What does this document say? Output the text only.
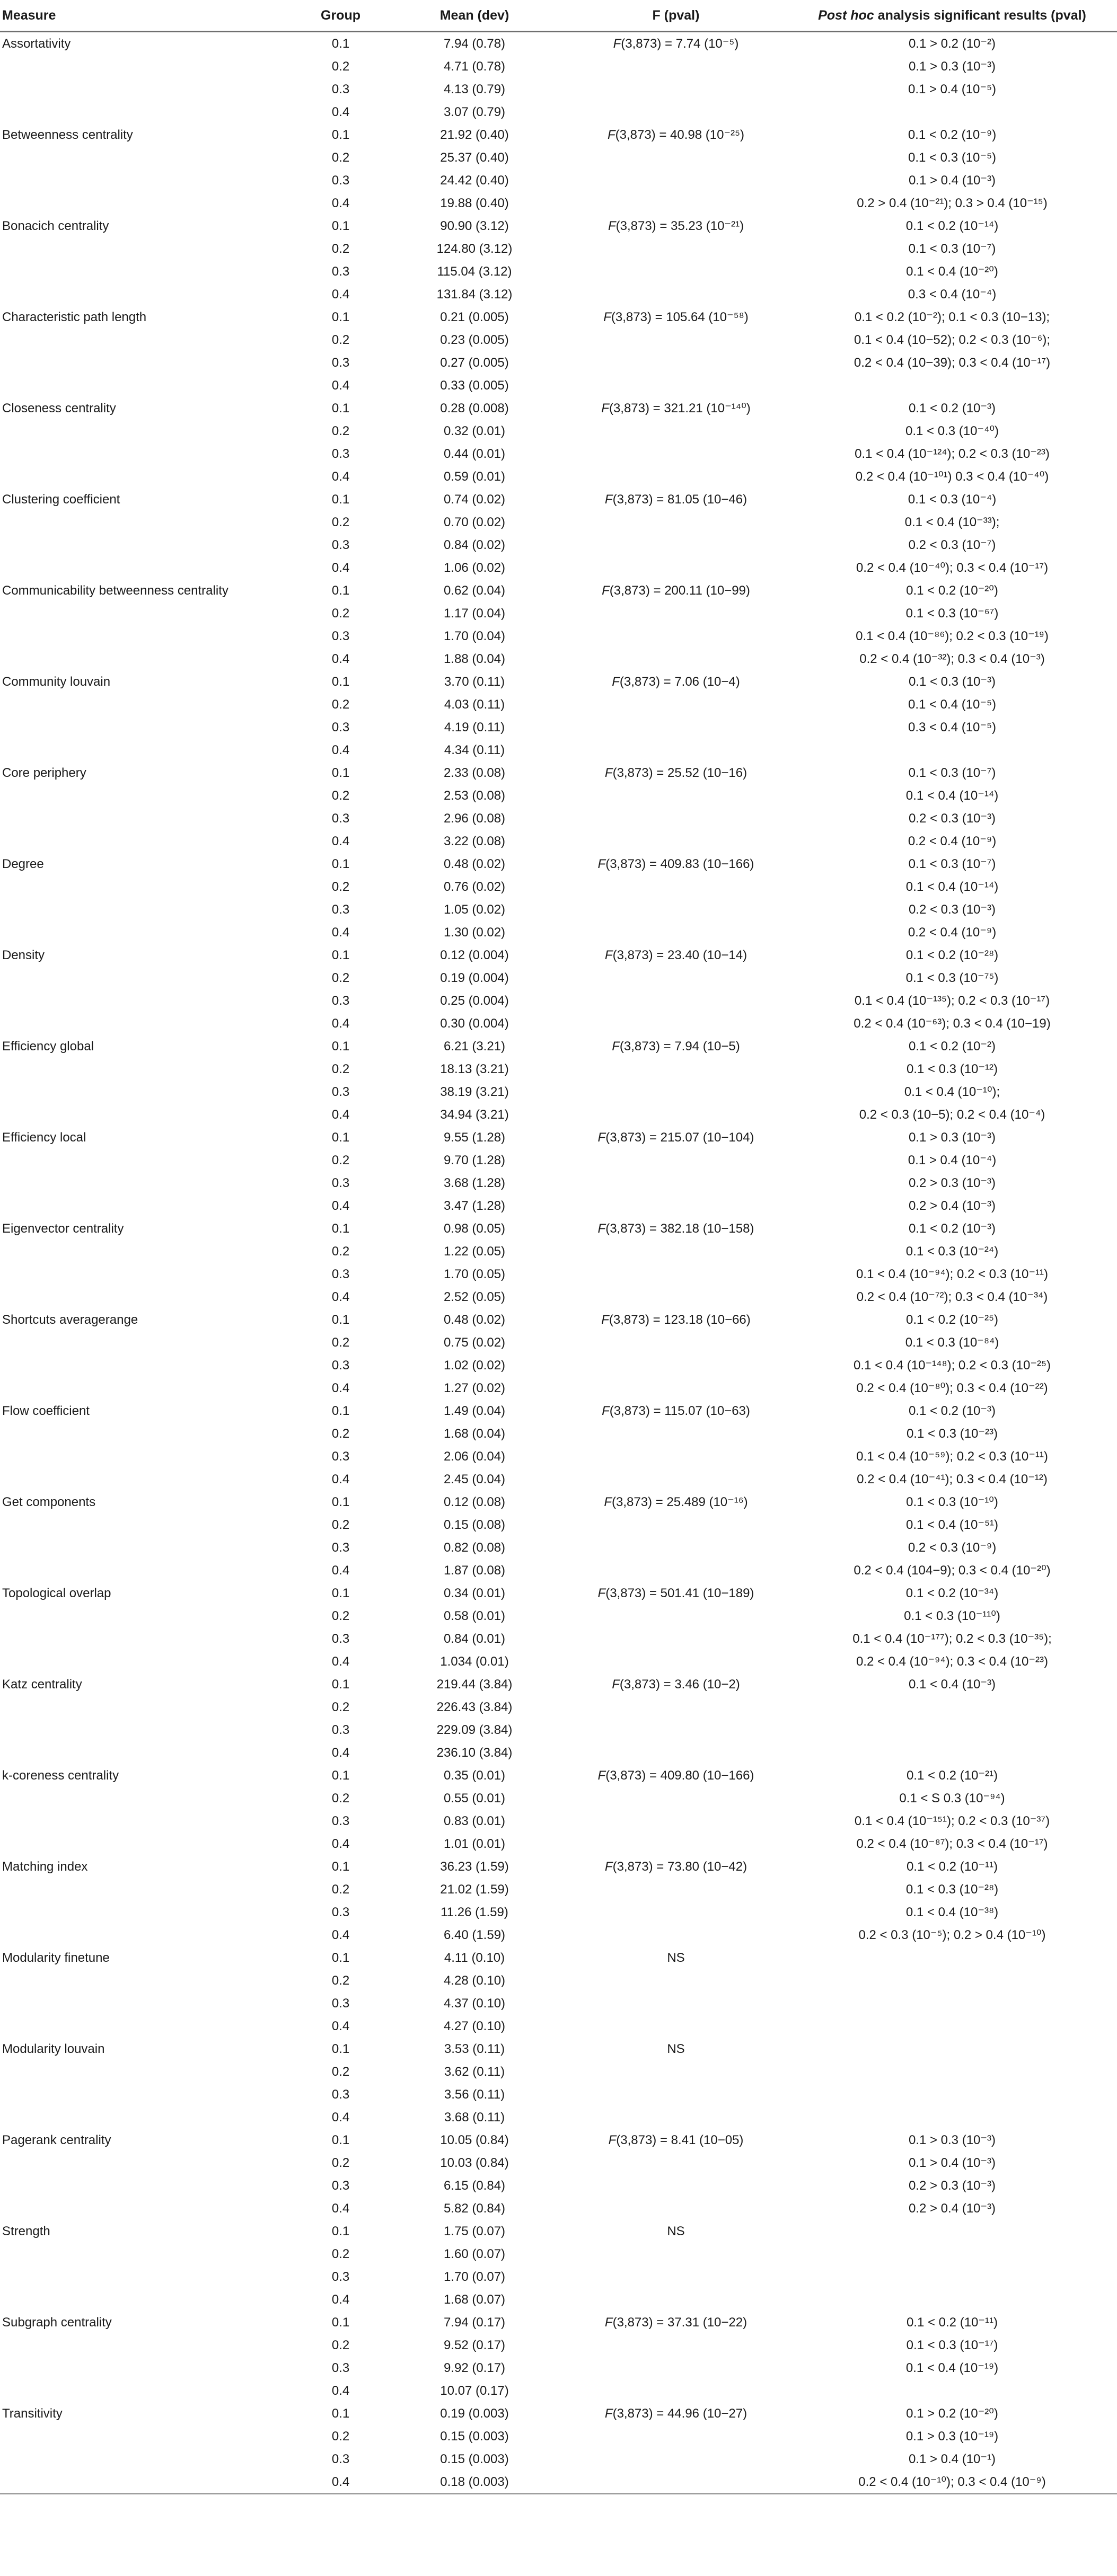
Measure	Group	Mean (dev)	F (pval)	Post hoc analysis significant results (pval)
Assortativity	0.1	7.94 (0.78)	F(3,873) = 7.74 (10⁻⁵)	0.1 > 0.2 (10⁻²)
	0.2	4.71 (0.78)		0.1 > 0.3 (10⁻³)
	0.3	4.13 (0.79)		0.1 > 0.4 (10⁻⁵)
	0.4	3.07 (0.79)		
Betweenness centrality	0.1	21.92 (0.40)	F(3,873) = 40.98 (10⁻²⁵)	0.1 < 0.2 (10⁻⁹)
	0.2	25.37 (0.40)		0.1 < 0.3 (10⁻⁵)
	0.3	24.42 (0.40)		0.1 > 0.4 (10⁻³)
	0.4	19.88 (0.40)		0.2 > 0.4 (10⁻²¹); 0.3 > 0.4 (10⁻¹⁵)
Bonacich centrality	0.1	90.90 (3.12)	F(3,873) = 35.23 (10⁻²¹)	0.1 < 0.2 (10⁻¹⁴)
	0.2	124.80 (3.12)		0.1 < 0.3 (10⁻⁷)
	0.3	115.04 (3.12)		0.1 < 0.4 (10⁻²⁰)
	0.4	131.84 (3.12)		0.3 < 0.4 (10⁻⁴)
Characteristic path length	0.1	0.21 (0.005)	F(3,873) = 105.64 (10⁻⁵⁸)	0.1 < 0.2 (10⁻²); 0.1 < 0.3 (10−13);
	0.2	0.23 (0.005)		0.1 < 0.4 (10−52); 0.2 < 0.3 (10⁻⁶);
	0.3	0.27 (0.005)		0.2 < 0.4 (10−39); 0.3 < 0.4 (10⁻¹⁷)
	0.4	0.33 (0.005)		
Closeness centrality	0.1	0.28 (0.008)	F(3,873) = 321.21 (10⁻¹⁴⁰)	0.1 < 0.2 (10⁻³)
	0.2	0.32 (0.01)		0.1 < 0.3 (10⁻⁴⁰)
	0.3	0.44 (0.01)		0.1 < 0.4 (10⁻¹²⁴); 0.2 < 0.3 (10⁻²³)
	0.4	0.59 (0.01)		0.2 < 0.4 (10⁻¹⁰¹) 0.3 < 0.4 (10⁻⁴⁰)
Clustering coefficient	0.1	0.74 (0.02)	F(3,873) = 81.05 (10−46)	0.1 < 0.3 (10⁻⁴)
	0.2	0.70 (0.02)		0.1 < 0.4 (10⁻³³);
	0.3	0.84 (0.02)		0.2 < 0.3 (10⁻⁷)
	0.4	1.06 (0.02)		0.2 < 0.4 (10⁻⁴⁰); 0.3 < 0.4 (10⁻¹⁷)
Communicability betweenness centrality	0.1	0.62 (0.04)	F(3,873) = 200.11 (10−99)	0.1 < 0.2 (10⁻²⁰)
	0.2	1.17 (0.04)		0.1 < 0.3 (10⁻⁶⁷)
	0.3	1.70 (0.04)		0.1 < 0.4 (10⁻⁸⁶); 0.2 < 0.3 (10⁻¹⁹)
	0.4	1.88 (0.04)		0.2 < 0.4 (10⁻³²); 0.3 < 0.4 (10⁻³)
Community louvain	0.1	3.70 (0.11)	F(3,873) = 7.06 (10−4)	0.1 < 0.3 (10⁻³)
	0.2	4.03 (0.11)		0.1 < 0.4 (10⁻⁵)
	0.3	4.19 (0.11)		0.3 < 0.4 (10⁻⁵)
	0.4	4.34 (0.11)		
Core periphery	0.1	2.33 (0.08)	F(3,873) = 25.52 (10−16)	0.1 < 0.3 (10⁻⁷)
	0.2	2.53 (0.08)		0.1 < 0.4 (10⁻¹⁴)
	0.3	2.96 (0.08)		0.2 < 0.3 (10⁻³)
	0.4	3.22 (0.08)		0.2 < 0.4 (10⁻⁹)
Degree	0.1	0.48 (0.02)	F(3,873) = 409.83 (10−166)	0.1 < 0.3 (10⁻⁷)
	0.2	0.76 (0.02)		0.1 < 0.4 (10⁻¹⁴)
	0.3	1.05 (0.02)		0.2 < 0.3 (10⁻³)
	0.4	1.30 (0.02)		0.2 < 0.4 (10⁻⁹)
Density	0.1	0.12 (0.004)	F(3,873) = 23.40 (10−14)	0.1 < 0.2 (10⁻²⁸)
	0.2	0.19 (0.004)		0.1 < 0.3 (10⁻⁷⁵)
	0.3	0.25 (0.004)		0.1 < 0.4 (10⁻¹³⁵); 0.2 < 0.3 (10⁻¹⁷)
	0.4	0.30 (0.004)		0.2 < 0.4 (10⁻⁶³); 0.3 < 0.4 (10−19)
Efficiency global	0.1	6.21 (3.21)	F(3,873) = 7.94 (10−5)	0.1 < 0.2 (10⁻²)
	0.2	18.13 (3.21)		0.1 < 0.3 (10⁻¹²)
	0.3	38.19 (3.21)		0.1 < 0.4 (10⁻¹⁰);
	0.4	34.94 (3.21)		0.2 < 0.3 (10−5); 0.2 < 0.4 (10⁻⁴)
Efficiency local	0.1	9.55 (1.28)	F(3,873) = 215.07 (10−104)	0.1 > 0.3 (10⁻³)
	0.2	9.70 (1.28)		0.1 > 0.4 (10⁻⁴)
	0.3	3.68 (1.28)		0.2 > 0.3 (10⁻³)
	0.4	3.47 (1.28)		0.2 > 0.4 (10⁻³)
Eigenvector centrality	0.1	0.98 (0.05)	F(3,873) = 382.18 (10−158)	0.1 < 0.2 (10⁻³)
	0.2	1.22 (0.05)		0.1 < 0.3 (10⁻²⁴)
	0.3	1.70 (0.05)		0.1 < 0.4 (10⁻⁹⁴); 0.2 < 0.3 (10⁻¹¹)
	0.4	2.52 (0.05)		0.2 < 0.4 (10⁻⁷²); 0.3 < 0.4 (10⁻³⁴)
Shortcuts averagerange	0.1	0.48 (0.02)	F(3,873) = 123.18 (10−66)	0.1 < 0.2 (10⁻²⁵)
	0.2	0.75 (0.02)		0.1 < 0.3 (10⁻⁸⁴)
	0.3	1.02 (0.02)		0.1 < 0.4 (10⁻¹⁴⁸); 0.2 < 0.3 (10⁻²⁵)
	0.4	1.27 (0.02)		0.2 < 0.4 (10⁻⁸⁰); 0.3 < 0.4 (10⁻²²)
Flow coefficient	0.1	1.49 (0.04)	F(3,873) = 115.07 (10−63)	0.1 < 0.2 (10⁻³)
	0.2	1.68 (0.04)		0.1 < 0.3 (10⁻²³)
	0.3	2.06 (0.04)		0.1 < 0.4 (10⁻⁵⁹); 0.2 < 0.3 (10⁻¹¹)
	0.4	2.45 (0.04)		0.2 < 0.4 (10⁻⁴¹); 0.3 < 0.4 (10⁻¹²)
Get components	0.1	0.12 (0.08)	F(3,873) = 25.489 (10⁻¹⁶)	0.1 < 0.3 (10⁻¹⁰)
	0.2	0.15 (0.08)		0.1 < 0.4 (10⁻⁵¹)
	0.3	0.82 (0.08)		0.2 < 0.3 (10⁻⁹)
	0.4	1.87 (0.08)		0.2 < 0.4 (104−9); 0.3 < 0.4 (10⁻²⁰)
Topological overlap	0.1	0.34 (0.01)	F(3,873) = 501.41 (10−189)	0.1 < 0.2 (10⁻³⁴)
	0.2	0.58 (0.01)		0.1 < 0.3 (10⁻¹¹⁰)
	0.3	0.84 (0.01)		0.1 < 0.4 (10⁻¹⁷⁷); 0.2 < 0.3 (10⁻³⁵);
	0.4	1.034 (0.01)		0.2 < 0.4 (10⁻⁹⁴); 0.3 < 0.4 (10⁻²³)
Katz centrality	0.1	219.44 (3.84)	F(3,873) = 3.46 (10−2)	0.1 < 0.4 (10⁻³)
	0.2	226.43 (3.84)		
	0.3	229.09 (3.84)		
	0.4	236.10 (3.84)		
k-coreness centrality	0.1	0.35 (0.01)	F(3,873) = 409.80 (10−166)	0.1 < 0.2 (10⁻²¹)
	0.2	0.55 (0.01)		0.1 < S 0.3 (10⁻⁹⁴)
	0.3	0.83 (0.01)		0.1 < 0.4 (10⁻¹⁵¹); 0.2 < 0.3 (10⁻³⁷)
	0.4	1.01 (0.01)		0.2 < 0.4 (10⁻⁸⁷); 0.3 < 0.4 (10⁻¹⁷)
Matching index	0.1	36.23 (1.59)	F(3,873) = 73.80 (10−42)	0.1 < 0.2 (10⁻¹¹)
	0.2	21.02 (1.59)		0.1 < 0.3 (10⁻²⁸)
	0.3	11.26 (1.59)		0.1 < 0.4 (10⁻³⁸)
	0.4	6.40 (1.59)		0.2 < 0.3 (10⁻⁵); 0.2 > 0.4 (10⁻¹⁰)
Modularity finetune	0.1	4.11 (0.10)	NS	
	0.2	4.28 (0.10)		
	0.3	4.37 (0.10)		
	0.4	4.27 (0.10)		
Modularity louvain	0.1	3.53 (0.11)	NS	
	0.2	3.62 (0.11)		
	0.3	3.56 (0.11)		
	0.4	3.68 (0.11)		
Pagerank centrality	0.1	10.05 (0.84)	F(3,873) = 8.41 (10−05)	0.1 > 0.3 (10⁻³)
	0.2	10.03 (0.84)		0.1 > 0.4 (10⁻³)
	0.3	6.15 (0.84)		0.2 > 0.3 (10⁻³)
	0.4	5.82 (0.84)		0.2 > 0.4 (10⁻³)
Strength	0.1	1.75 (0.07)	NS	
	0.2	1.60 (0.07)		
	0.3	1.70 (0.07)		
	0.4	1.68 (0.07)		
Subgraph centrality	0.1	7.94 (0.17)	F(3,873) = 37.31 (10−22)	0.1 < 0.2 (10⁻¹¹)
	0.2	9.52 (0.17)		0.1 < 0.3 (10⁻¹⁷)
	0.3	9.92 (0.17)		0.1 < 0.4 (10⁻¹⁹)
	0.4	10.07 (0.17)		
Transitivity	0.1	0.19 (0.003)	F(3,873) = 44.96 (10−27)	0.1 > 0.2 (10⁻²⁰)
	0.2	0.15 (0.003)		0.1 > 0.3 (10⁻¹⁹)
	0.3	0.15 (0.003)		0.1 > 0.4 (10⁻¹)
	0.4	0.18 (0.003)		0.2 < 0.4 (10⁻¹⁰); 0.3 < 0.4 (10⁻⁹)
